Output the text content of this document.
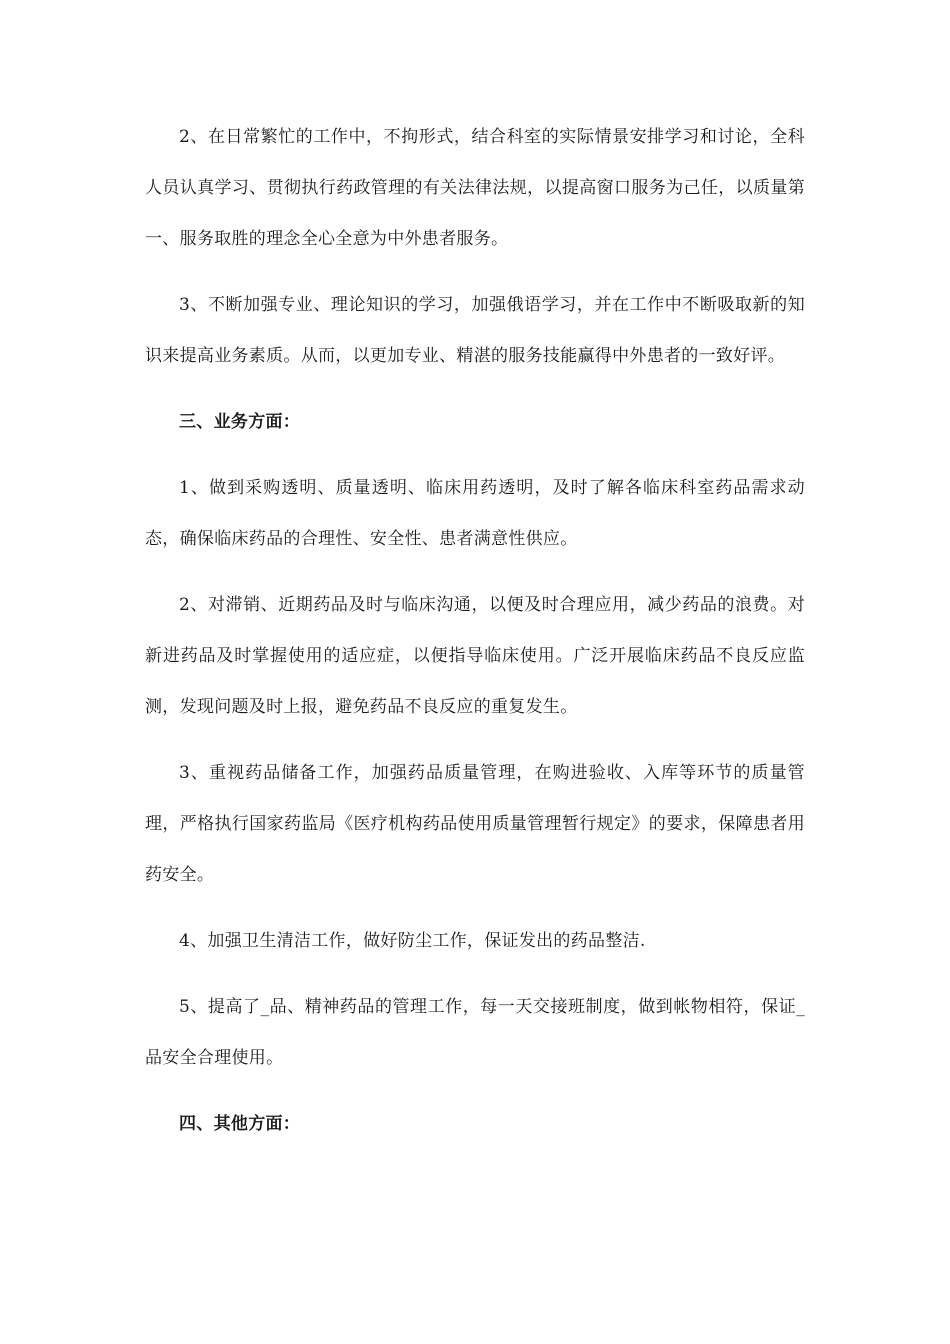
2、在日常繁忙的工作中，不拘形式，结合科室的实际情景安排学习和讨论，全科人员认真学习、贯彻执行药政管理的有关法律法规，以提高窗口服务为己任，以质量第一、服务取胜的理念全心全意为中外患者服务。

3、不断加强专业、理论知识的学习，加强俄语学习，并在工作中不断吸取新的知识来提高业务素质。从而，以更加专业、精湛的服务技能赢得中外患者的一致好评。

三、业务方面：

1、做到采购透明、质量透明、临床用药透明，及时了解各临床科室药品需求动态，确保临床药品的合理性、安全性、患者满意性供应。

2、对滞销、近期药品及时与临床沟通，以便及时合理应用，减少药品的浪费。对新进药品及时掌握使用的适应症，以便指导临床使用。广泛开展临床药品不良反应监测，发现问题及时上报，避免药品不良反应的重复发生。

3、重视药品储备工作，加强药品质量管理，在购进验收、入库等环节的质量管理，严格执行国家药监局《医疗机构药品使用质量管理暂行规定》的要求，保障患者用药安全。

4、加强卫生清洁工作，做好防尘工作，保证发出的药品整洁.

5、提高了_品、精神药品的管理工作，每一天交接班制度，做到帐物相符，保证_品安全合理使用。

四、其他方面：
